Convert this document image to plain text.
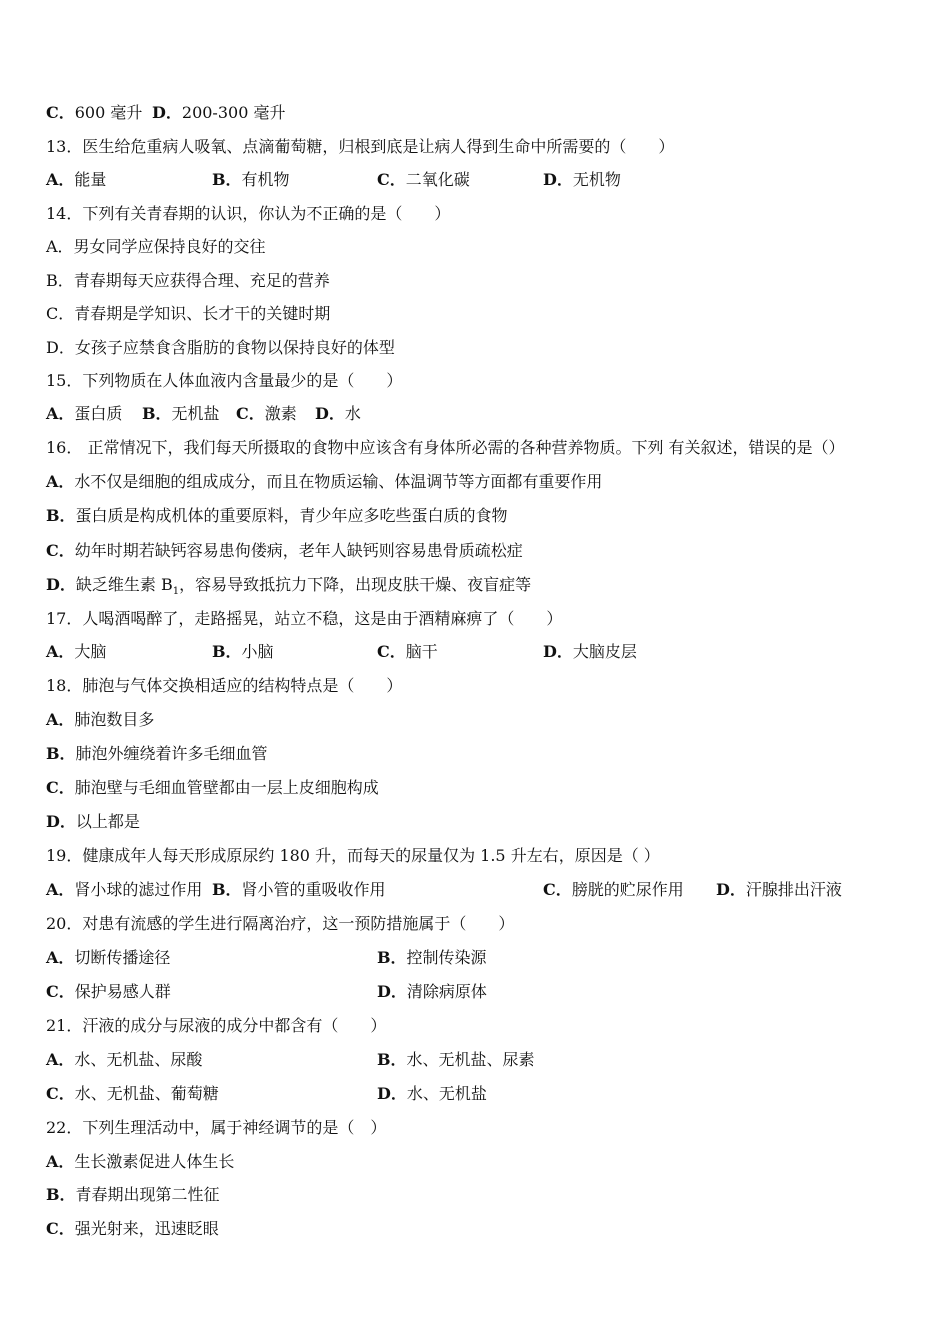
C．600 毫升 D．200-300 毫升
13．医生给危重病人吸氧、点滴葡萄糖，归根到底是让病人得到生命中所需要的（　　）
A．能量	B．有机物	C．二氧化碳	D．无机物
14．下列有关青春期的认识，你认为不正确的是（　　）
A．男女同学应保持良好的交往
B．青春期每天应获得合理、充足的营养
C．青春期是学知识、长才干的关键时期
D．女孩子应禁食含脂肪的食物以保持良好的体型
15．下列物质在人体血液内含量最少的是（　　）
A．蛋白质 B．无机盐 C．激素 D．水
16． 正常情况下，我们每天所摄取的食物中应该含有身体所必需的各种营养物质。下列 有关叙述，错误的是（）
A．水不仅是细胞的组成成分，而且在物质运输、体温调节等方面都有重要作用
B．蛋白质是构成机体的重要原料，青少年应多吃些蛋白质的食物
C．幼年时期若缺钙容易患佝偻病，老年人缺钙则容易患骨质疏松症
D．缺乏维生素 $B_1$，容易导致抵抗力下降，出现皮肤干燥、夜盲症等
17．人喝酒喝醉了，走路摇晃，站立不稳，这是由于酒精麻痹了（　　）
A．大脑	B．小脑	C．脑干	D．大脑皮层
18．肺泡与气体交换相适应的结构特点是（　　）
A．肺泡数目多
B．肺泡外缠绕着许多毛细血管
C．肺泡壁与毛细血管壁都由一层上皮细胞构成
D．以上都是
19．健康成年人每天形成原尿约 180 升，而每天的尿量仅为 1.5 升左右，原因是（ ）
A．肾小球的滤过作用 B．肾小管的重吸收作用	C．膀胱的贮尿作用 D．汗腺排出汗液
20．对患有流感的学生进行隔离治疗，这一预防措施属于（　　）
A．切断传播途径	B．控制传染源
C．保护易感人群	D．清除病原体
21．汗液的成分与尿液的成分中都含有（　　）
A．水、无机盐、尿酸	B．水、无机盐、尿素
C．水、无机盐、葡萄糖	D．水、无机盐
22．下列生理活动中，属于神经调节的是（　）
A．生长激素促进人体生长
B．青春期出现第二性征
C．强光射来，迅速眨眼
